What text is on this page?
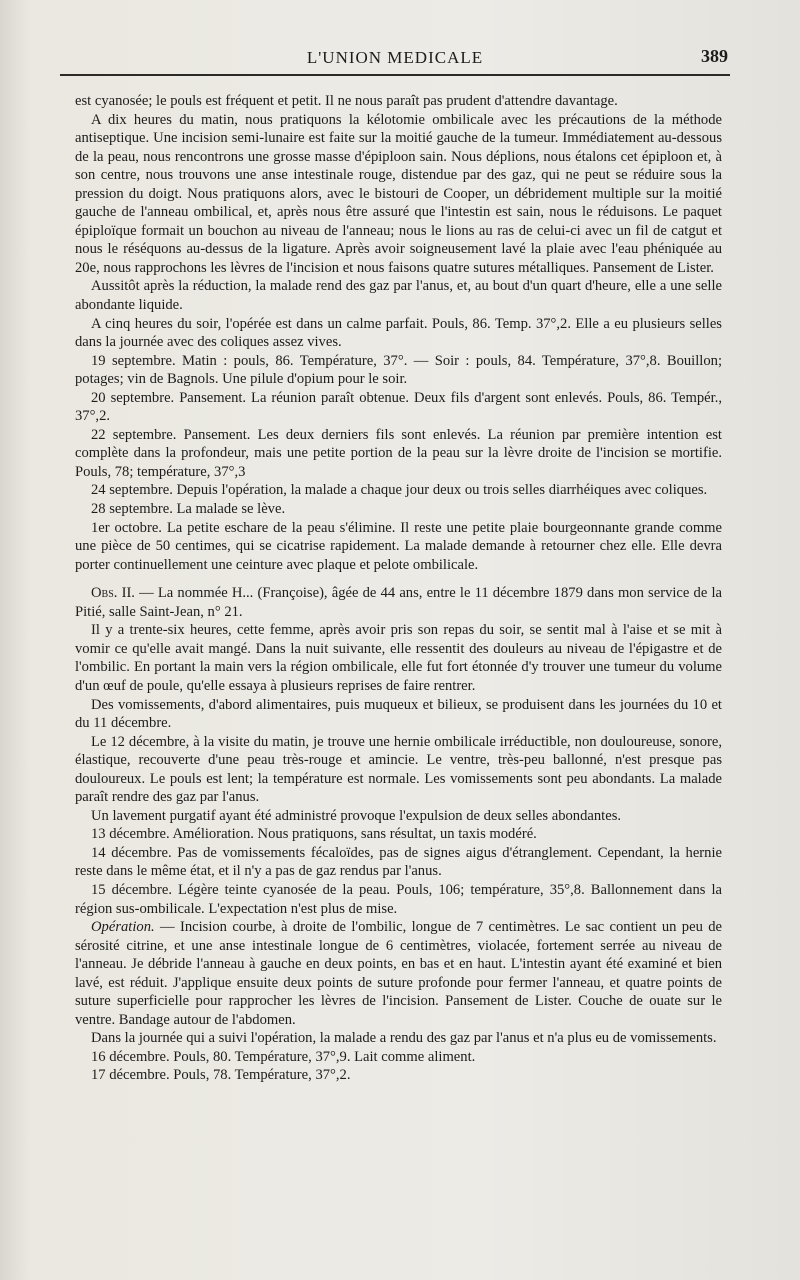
L'UNION MEDICALE	389

est cyanosée; le pouls est fréquent et petit. Il ne nous paraît pas prudent d'attendre davantage.

A dix heures du matin, nous pratiquons la kélotomie ombilicale avec les précautions de la méthode antiseptique. Une incision semi-lunaire est faite sur la moitié gauche de la tumeur. Immédiatement au-dessous de la peau, nous rencontrons une grosse masse d'épiploon sain. Nous déplions, nous étalons cet épiploon et, à son centre, nous trouvons une anse intestinale rouge, distendue par des gaz, qui ne peut se réduire sous la pression du doigt. Nous pratiquons alors, avec le bistouri de Cooper, un débridement multiple sur la moitié gauche de l'anneau ombilical, et, après nous être assuré que l'intestin est sain, nous le réduisons. Le paquet épiploïque formait un bouchon au niveau de l'anneau; nous le lions au ras de celui-ci avec un fil de catgut et nous le réséquons au-dessus de la ligature. Après avoir soigneusement lavé la plaie avec l'eau phéniquée au 20e, nous rapprochons les lèvres de l'incision et nous faisons quatre sutures métalliques. Pansement de Lister.

Aussitôt après la réduction, la malade rend des gaz par l'anus, et, au bout d'un quart d'heure, elle a une selle abondante liquide.

A cinq heures du soir, l'opérée est dans un calme parfait. Pouls, 86. Temp. 37°,2. Elle a eu plusieurs selles dans la journée avec des coliques assez vives.

19 septembre. Matin : pouls, 86. Température, 37°. — Soir : pouls, 84. Température, 37°,8. Bouillon; potages; vin de Bagnols. Une pilule d'opium pour le soir.

20 septembre. Pansement. La réunion paraît obtenue. Deux fils d'argent sont enlevés. Pouls, 86. Tempér., 37°,2.

22 septembre. Pansement. Les deux derniers fils sont enlevés. La réunion par première intention est complète dans la profondeur, mais une petite portion de la peau sur la lèvre droite de l'incision se mortifie. Pouls, 78; température, 37°,3

24 septembre. Depuis l'opération, la malade a chaque jour deux ou trois selles diarrhéiques avec coliques.

28 septembre. La malade se lève.

1er octobre. La petite eschare de la peau s'élimine. Il reste une petite plaie bourgeonnante grande comme une pièce de 50 centimes, qui se cicatrise rapidement. La malade demande à retourner chez elle. Elle devra porter continuellement une ceinture avec plaque et pelote ombilicale.

Obs. II. — La nommée H... (Françoise), âgée de 44 ans, entre le 11 décembre 1879 dans mon service de la Pitié, salle Saint-Jean, n° 21.

Il y a trente-six heures, cette femme, après avoir pris son repas du soir, se sentit mal à l'aise et se mit à vomir ce qu'elle avait mangé. Dans la nuit suivante, elle ressentit des douleurs au niveau de l'épigastre et de l'ombilic. En portant la main vers la région ombilicale, elle fut fort étonnée d'y trouver une tumeur du volume d'un œuf de poule, qu'elle essaya à plusieurs reprises de faire rentrer.

Des vomissements, d'abord alimentaires, puis muqueux et bilieux, se produisent dans les journées du 10 et du 11 décembre.

Le 12 décembre, à la visite du matin, je trouve une hernie ombilicale irréductible, non douloureuse, sonore, élastique, recouverte d'une peau très-rouge et amincie. Le ventre, très-peu ballonné, n'est presque pas douloureux. Le pouls est lent; la température est normale. Les vomissements sont peu abondants. La malade paraît rendre des gaz par l'anus.

Un lavement purgatif ayant été administré provoque l'expulsion de deux selles abondantes.

13 décembre. Amélioration. Nous pratiquons, sans résultat, un taxis modéré.

14 décembre. Pas de vomissements fécaloïdes, pas de signes aigus d'étranglement. Cependant, la hernie reste dans le même état, et il n'y a pas de gaz rendus par l'anus.

15 décembre. Légère teinte cyanosée de la peau. Pouls, 106; température, 35°,8. Ballonnement dans la région sus-ombilicale. L'expectation n'est plus de mise.

Opération. — Incision courbe, à droite de l'ombilic, longue de 7 centimètres. Le sac contient un peu de sérosité citrine, et une anse intestinale longue de 6 centimètres, violacée, fortement serrée au niveau de l'anneau. Je débride l'anneau à gauche en deux points, en bas et en haut. L'intestin ayant été examiné et bien lavé, est réduit. J'applique ensuite deux points de suture profonde pour fermer l'anneau, et quatre points de suture superficielle pour rapprocher les lèvres de l'incision. Pansement de Lister. Couche de ouate sur le ventre. Bandage autour de l'abdomen.

Dans la journée qui a suivi l'opération, la malade a rendu des gaz par l'anus et n'a plus eu de vomissements.

16 décembre. Pouls, 80. Température, 37°,9. Lait comme aliment.

17 décembre. Pouls, 78. Température, 37°,2.
